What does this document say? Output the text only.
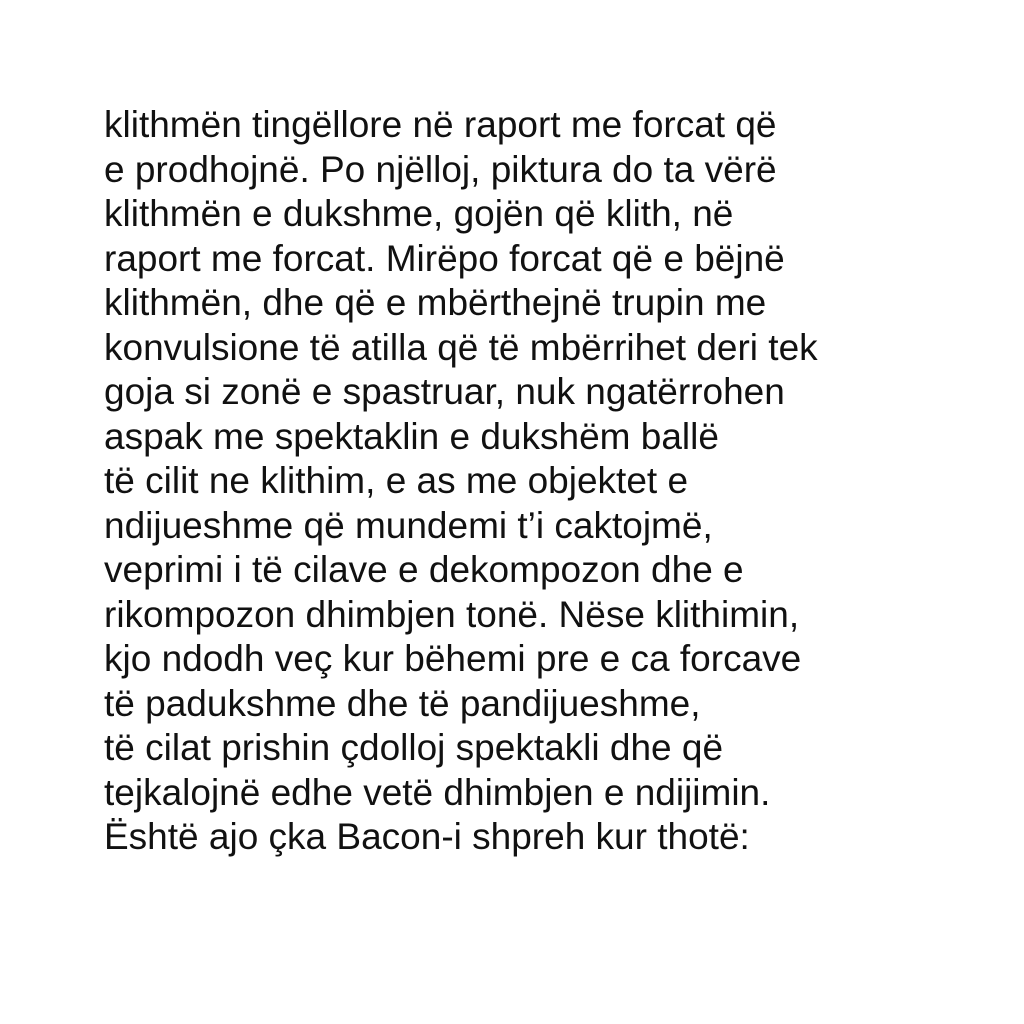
klithmën tingëllore në raport me forcat që
e prodhojnë. Po njëlloj, piktura do ta vërë
klithmën e dukshme, gojën që klith, në
raport me forcat. Mirëpo forcat që e bëjnë
klithmën, dhe që e mbërthejnë trupin me
konvulsione të atilla që të mbërrihet deri tek
goja si zonë e spastruar, nuk ngatërrohen
aspak me spektaklin e dukshëm ballë
të cilit ne klithim, e as me objektet e
ndijueshme që mundemi t’i caktojmë,
veprimi i të cilave e dekompozon dhe e
rikompozon dhimbjen tonë. Nëse klithimin,
kjo ndodh veç kur bëhemi pre e ca forcave
të padukshme dhe të pandijueshme,
të cilat prishin çdolloj spektakli dhe që
tejkalojnë edhe vetë dhimbjen e ndijimin.
Është ajo çka Bacon-i shpreh kur thotë:
